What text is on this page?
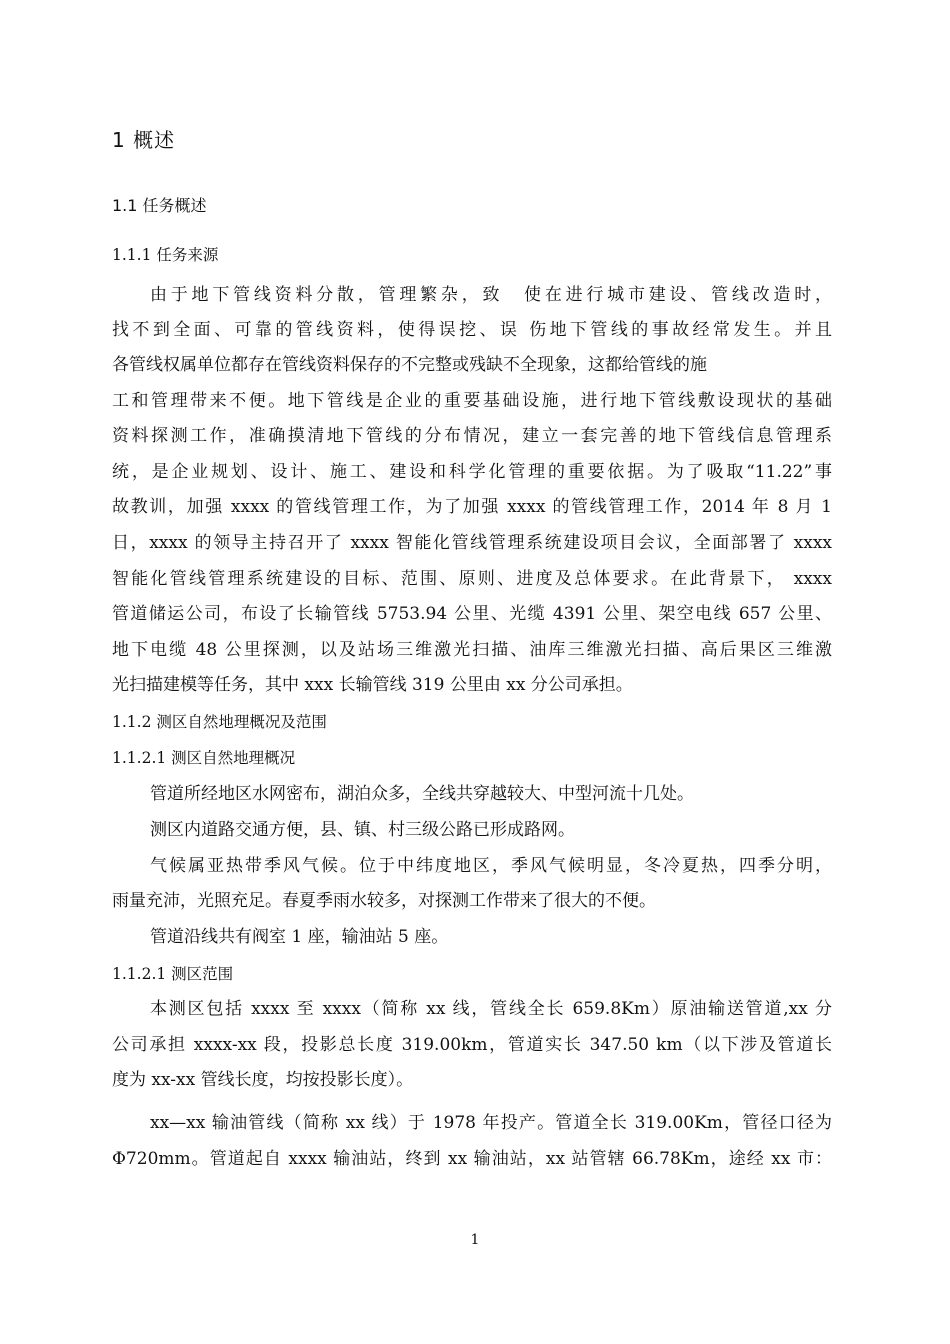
1 概述
1.1 任务概述
1.1.1 任务来源
由于地下管线资料分散，管理繁杂，致　使在进行城市建设、管线改造时，
找不到全面、可靠的管线资料，使得误挖、误 伤地下管线的事故经常发生。并且
各管线权属单位都存在管线资料保存的不完整或残缺不全现象，这都给管线的施
工和管理带来不便。地下管线是企业的重要基础设施，进行地下管线敷设现状的基础
资料探测工作，准确摸清地下管线的分布情况，建立一套完善的地下管线信息管理系
统，是企业规划、设计、施工、建设和科学化管理的重要依据。为了吸取“11.22”事
故教训，加强 xxxx 的管线管理工作，为了加强 xxxx 的管线管理工作，2014 年 8 月 1
日，xxxx 的领导主持召开了 xxxx 智能化管线管理系统建设项目会议，全面部署了 xxxx
智能化管线管理系统建设的目标、范围、原则、进度及总体要求。在此背景下， xxxx
管道储运公司，布设了长输管线 5753.94 公里、光缆 4391 公里、架空电线 657 公里、
地下电缆 48 公里探测，以及站场三维激光扫描、油库三维激光扫描、高后果区三维激
光扫描建模等任务，其中 xxx 长输管线 319 公里由 xx 分公司承担。
1.1.2 测区自然地理概况及范围
1.1.2.1 测区自然地理概况
管道所经地区水网密布，湖泊众多，全线共穿越较大、中型河流十几处。
测区内道路交通方便，县、镇、村三级公路已形成路网。
气候属亚热带季风气候。位于中纬度地区，季风气候明显，冬冷夏热，四季分明，
雨量充沛，光照充足。春夏季雨水较多，对探测工作带来了很大的不便。
管道沿线共有阀室 1 座，输油站 5 座。
1.1.2.1 测区范围
本测区包括 xxxx 至 xxxx（简称 xx 线，管线全长 659.8Km）原油输送管道,xx 分
公司承担 xxxx-xx 段，投影总长度 319.00km，管道实长 347.50 km（以下涉及管道长
度为 xx-xx 管线长度，均按投影长度）。
xx—xx 输油管线（简称 xx 线）于 1978 年投产。管道全长 319.00Km，管径口径为
Φ720mm。管道起自 xxxx 输油站，终到 xx 输油站，xx 站管辖 66.78Km，途经 xx 市：
1
